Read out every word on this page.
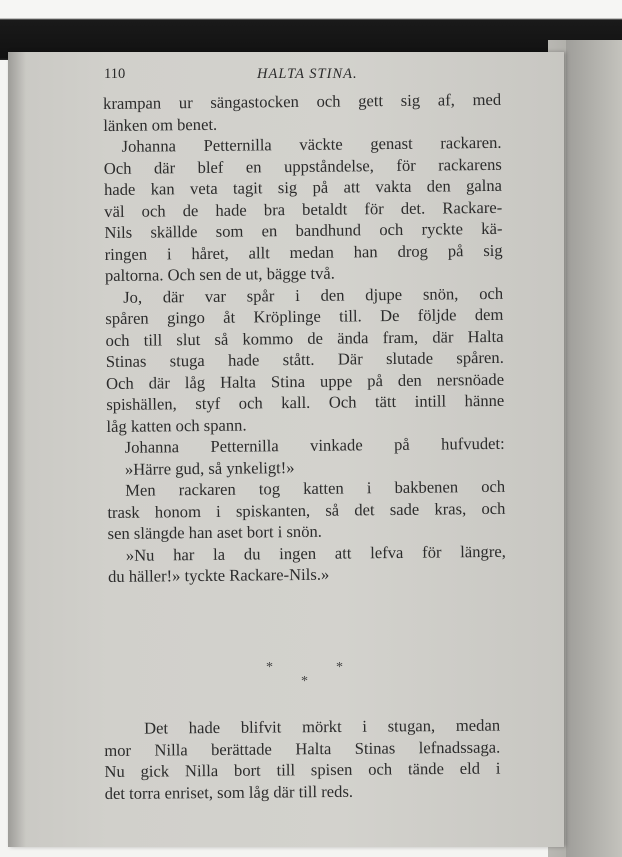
110	HALTA STINA.
krampan ur sängastocken och gett sig af, med
länken om benet.
Johanna Petternilla väckte genast rackaren.
Och där blef en uppståndelse, för rackarens
hade kan veta tagit sig på att vakta den galna
väl och de hade bra betaldt för det. Rackare-
Nils skällde som en bandhund och ryckte kä-
ringen i håret, allt medan han drog på sig
paltorna. Och sen de ut, bägge två.
Jo, där var spår i den djupe snön, och
spåren gingo åt Kröplinge till. De följde dem
och till slut så kommo de ända fram, där Halta
Stinas stuga hade stått. Där slutade spåren.
Och där låg Halta Stina uppe på den nersnöade
spishällen, styf och kall. Och tätt intill hänne
låg katten och spann.
Johanna Petternilla vinkade på hufvudet:
»Härre gud, så ynkeligt!»
Men rackaren tog katten i bakbenen och
trask honom i spiskanten, så det sade kras, och
sen slängde han aset bort i snön.
»Nu har la du ingen att lefva för längre,
du häller!» tyckte Rackare-Nils.»
*	*
*
Det hade blifvit mörkt i stugan, medan
mor Nilla berättade Halta Stinas lefnadssaga.
Nu gick Nilla bort till spisen och tände eld i
det torra enriset, som låg där till reds.
